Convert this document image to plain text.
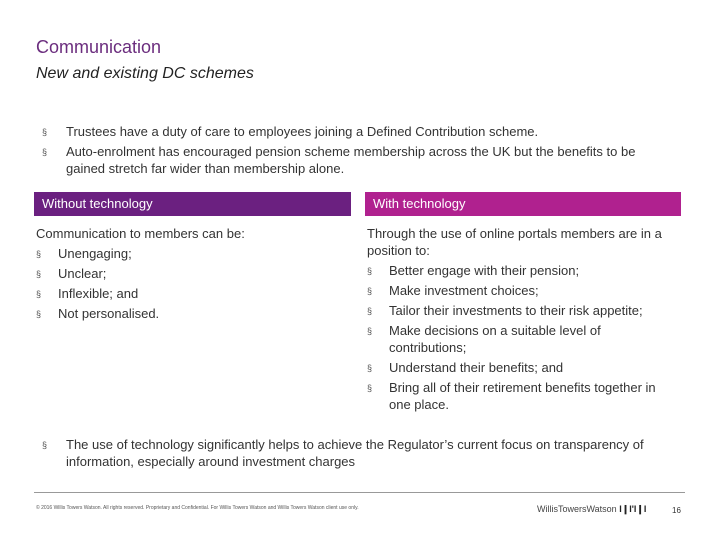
Communication
New and existing DC schemes
§ Trustees have a duty of care to employees joining a Defined Contribution scheme.
§ Auto-enrolment has encouraged pension scheme membership across the UK but the benefits to be gained stretch far wider than membership alone.
Without technology	With technology

Communication to members can be:

§ Unengaging;
§ Unclear;
§ Inflexible; and
§ Not personalised.

Through the use of online portals members are in a position to:

§ Better engage with their pension;
§ Make investment choices;
§ Tailor their investments to their risk appetite;
§ Make decisions on a suitable level of contributions;
§ Understand their benefits; and
§ Bring all of their retirement benefits together in one place.
§ The use of technology significantly helps to achieve the Regulator’s current focus on transparency of information, especially around investment charges
© 2016 Willis Towers Watson. All rights reserved. Proprietary and Confidential. For Willis Towers Watson and Willis Towers Watson client use only.	WillisTowersWatson I❙I'I❙I	16
